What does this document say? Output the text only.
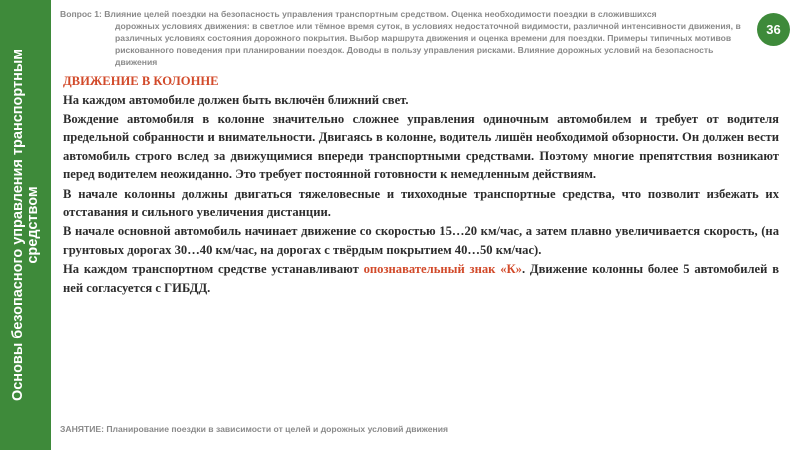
Основы безопасного управления транспортным средством
Вопрос 1: Влияние целей поездки на безопасность управления транспортным средством. Оценка необходимости поездки в сложившихся
дорожных условиях движения: в светлое или тёмное время суток, в условиях недостаточной видимости, различной интенсивности движения, в различных условиях состояния дорожного покрытия. Выбор маршрута движения и оценка времени для поездки. Примеры типичных мотивов рискованного поведения при планировании поездок. Доводы в пользу управления рисками. Влияние дорожных условий на безопасность движения
36

ДВИЖЕНИЕ В КОЛОННЕ

На каждом автомобиле должен быть включён ближний свет.

Вождение автомобиля в колонне значительно сложнее управления одиночным автомобилем и требует от водителя предельной собранности и внимательности. Двигаясь в колонне, водитель лишён необходимой обзорности. Он должен вести автомобиль строго вслед за движущимися впереди транспортными средствами. Поэтому многие препятствия возникают перед водителем неожиданно. Это требует постоянной готовности к немедленным действиям.

В начале колонны должны двигаться тяжеловесные и тихоходные транспортные средства, что позволит избежать их отставания и сильного увеличения дистанции.

В начале основной автомобиль начинает движение со скоростью 15…20 км/час, а затем плавно увеличивается скорость, (на грунтовых дорогах 30…40 км/час, на дорогах с твёрдым покрытием 40…50 км/час).

На каждом транспортном средстве устанавливают опознавательный знак «К». Движение колонны более 5 автомобилей в ней согласуется с ГИБДД.

ЗАНЯТИЕ: Планирование поездки в зависимости от целей и дорожных условий движения
